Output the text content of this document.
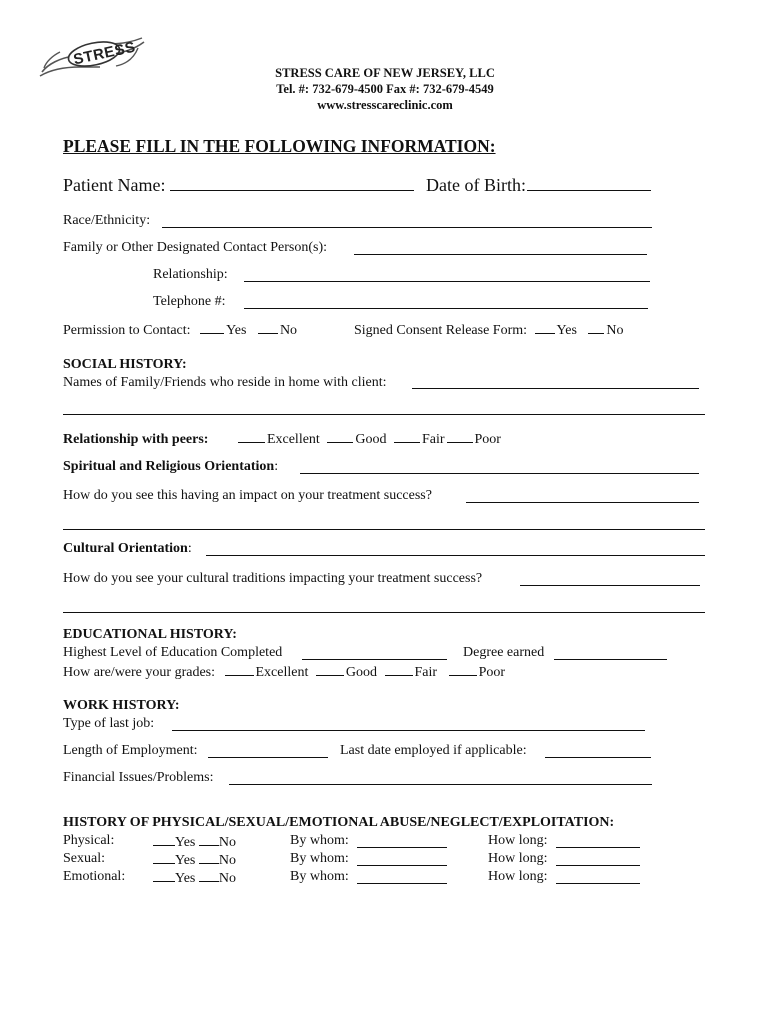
STRESS
STRESS CARE OF NEW JERSEY, LLC
Tel. #: 732-679-4500 Fax #: 732-679-4549
www.stresscareclinic.com
PLEASE FILL IN THE FOLLOWING INFORMATION:
Patient Name:	Date of Birth:
Race/Ethnicity:
Family or Other Designated Contact Person(s):
Relationship:
Telephone #:
Permission to Contact:	Yes No	Signed Consent Release Form: Yes No
SOCIAL HISTORY:
Names of Family/Friends who reside in home with client:
Relationship with peers:	Excellent	Good	Fair Poor
Spiritual and Religious Orientation:
How do you see this having an impact on your treatment success?
Cultural Orientation:
How do you see your cultural traditions impacting your treatment success?
EDUCATIONAL HISTORY:
Highest Level of Education Completed	Degree earned
How are/were your grades:	Excellent	Good	Fair	Poor
WORK HISTORY:
Type of last job:
Length of Employment:	Last date employed if applicable:
Financial Issues/Problems:
HISTORY OF PHYSICAL/SEXUAL/EMOTIONAL ABUSE/NEGLECT/EXPLOITATION:
Physical:	Yes No	By whom:	How long:
Sexual:	Yes No	By whom:	How long:
Emotional:	Yes No	By whom:	How long:
